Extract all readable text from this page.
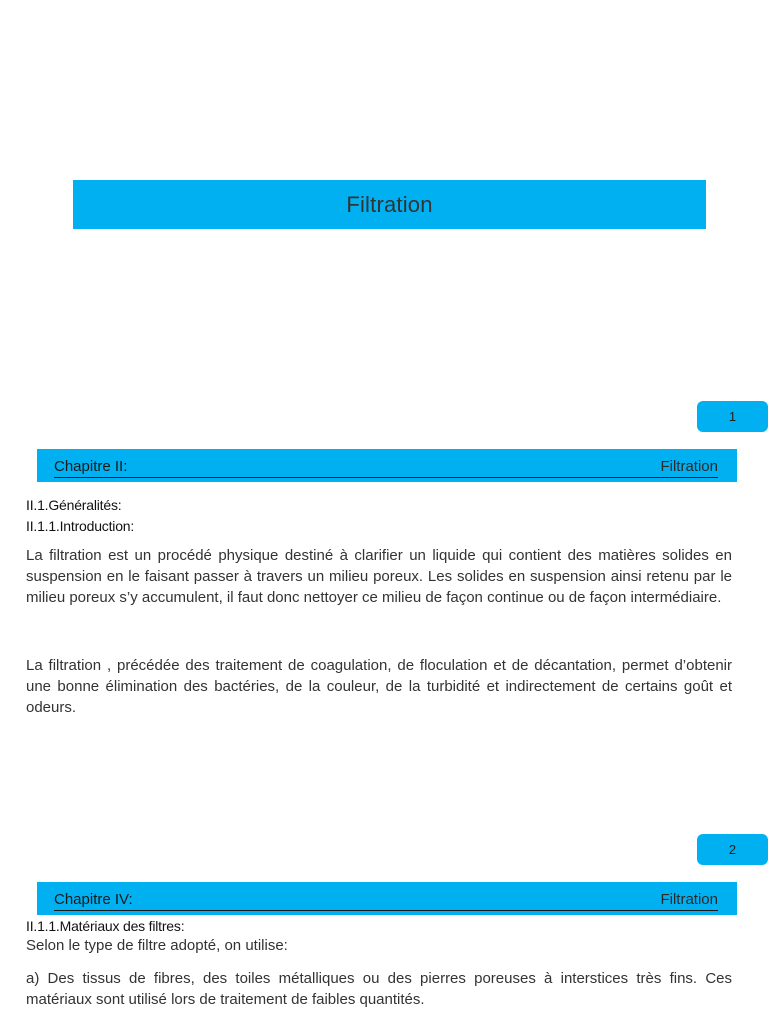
Filtration
1
Chapitre II:	Filtration
II.1.Généralités:
II.1.1.Introduction:
La filtration est un procédé physique destiné à clarifier un liquide qui contient des matières solides en suspension en le faisant passer à travers un milieu poreux. Les solides en suspension ainsi retenu par le milieu poreux s’y accumulent, il faut donc nettoyer ce milieu de façon continue ou de façon intermédiaire.
La filtration , précédée des traitement de coagulation, de floculation et de décantation, permet d’obtenir une bonne élimination des bactéries, de la couleur, de la turbidité et indirectement de certains goût et odeurs.
2
Chapitre IV:	Filtration
II.1.1.Matériaux des filtres:
Selon le type de filtre adopté, on utilise:
a) Des tissus de fibres, des toiles métalliques ou des pierres poreuses à interstices très fins. Ces matériaux sont utilisé lors de traitement de faibles quantités.
